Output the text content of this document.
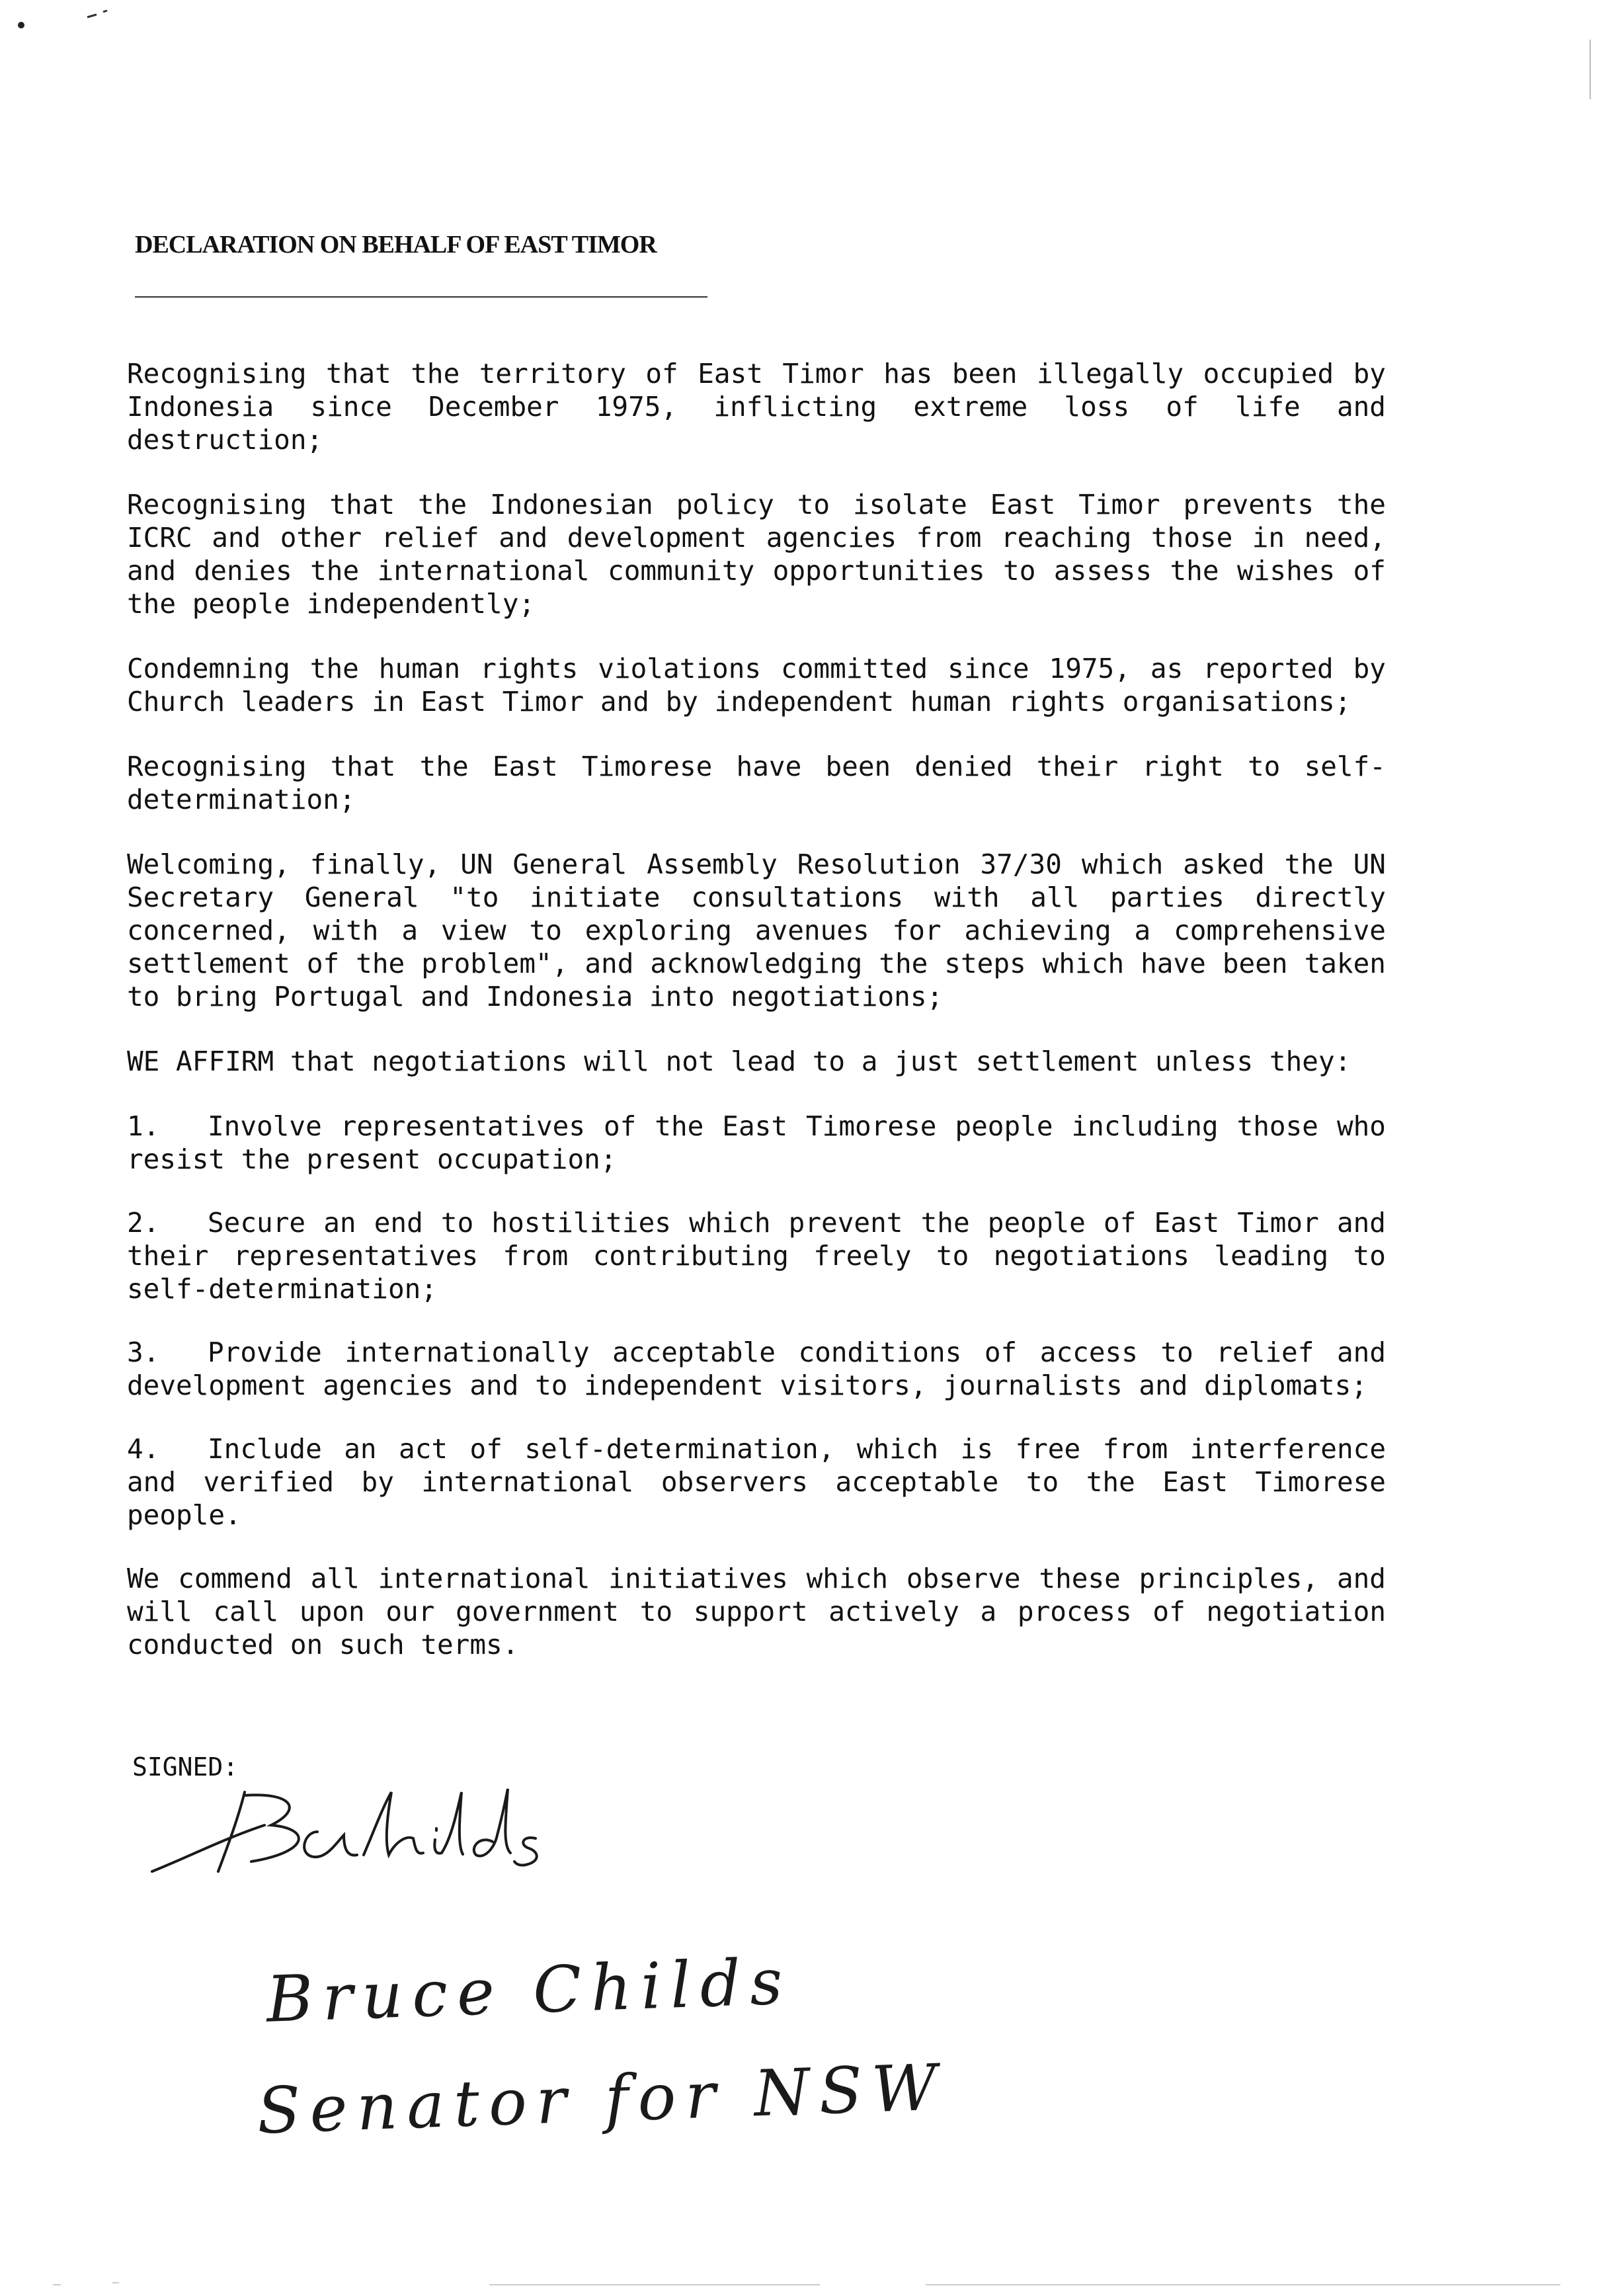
DECLARATION ON BEHALF OF EAST TIMOR

Recognising that the territory of East Timor has been illegally occupied by Indonesia since December 1975, inflicting extreme loss of life and destruction;

Recognising that the Indonesian policy to isolate East Timor prevents the ICRC and other relief and development agencies from reaching those in need, and denies the international community opportunities to assess the wishes of the people independently;

Condemning the human rights violations committed since 1975, as reported by Church leaders in East Timor and by independent human rights organisations;

Recognising that the East Timorese have been denied their right to self-determination;

Welcoming, finally, UN General Assembly Resolution 37/30 which asked the UN Secretary General "to initiate consultations with all parties directly concerned, with a view to exploring avenues for achieving a comprehensive settlement of the problem", and acknowledging the steps which have been taken to bring Portugal and Indonesia into negotiations;

WE AFFIRM that negotiations will not lead to a just settlement unless they:

1. Involve representatives of the East Timorese people including those who resist the present occupation;

2. Secure an end to hostilities which prevent the people of East Timor and their representatives from contributing freely to negotiations leading to self-determination;

3. Provide internationally acceptable conditions of access to relief and development agencies and to independent visitors, journalists and diplomats;

4. Include an act of self-determination, which is free from interference and verified by international observers acceptable to the East Timorese people.

We commend all international initiatives which observe these principles, and will call upon our government to support actively a process of negotiation conducted on such terms.

SIGNED:
Bruce Childs
Senator for NSW
